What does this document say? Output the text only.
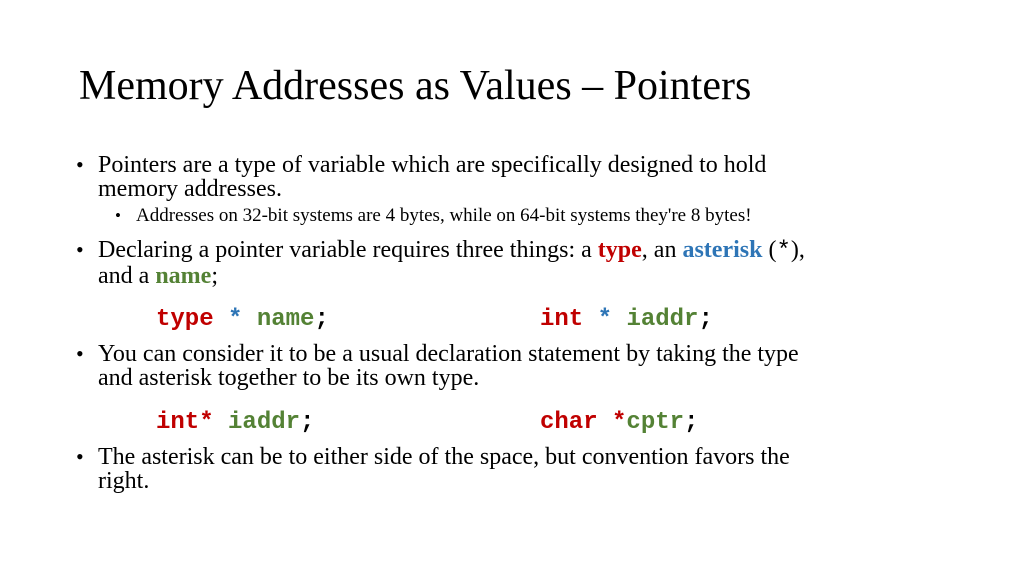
Memory Addresses as Values – Pointers
• Pointers are a type of variable which are specifically designed to hold
memory addresses.
• Addresses on 32-bit systems are 4 bytes, while on 64-bit systems they're 8 bytes!
• Declaring a pointer variable requires three things: a type, an asterisk (*),
and a name;
type * name;	int * iaddr;
• You can consider it to be a usual declaration statement by taking the type
and asterisk together to be its own type.
int* iaddr;	char *cptr;
• The asterisk can be to either side of the space, but convention favors the
right.
